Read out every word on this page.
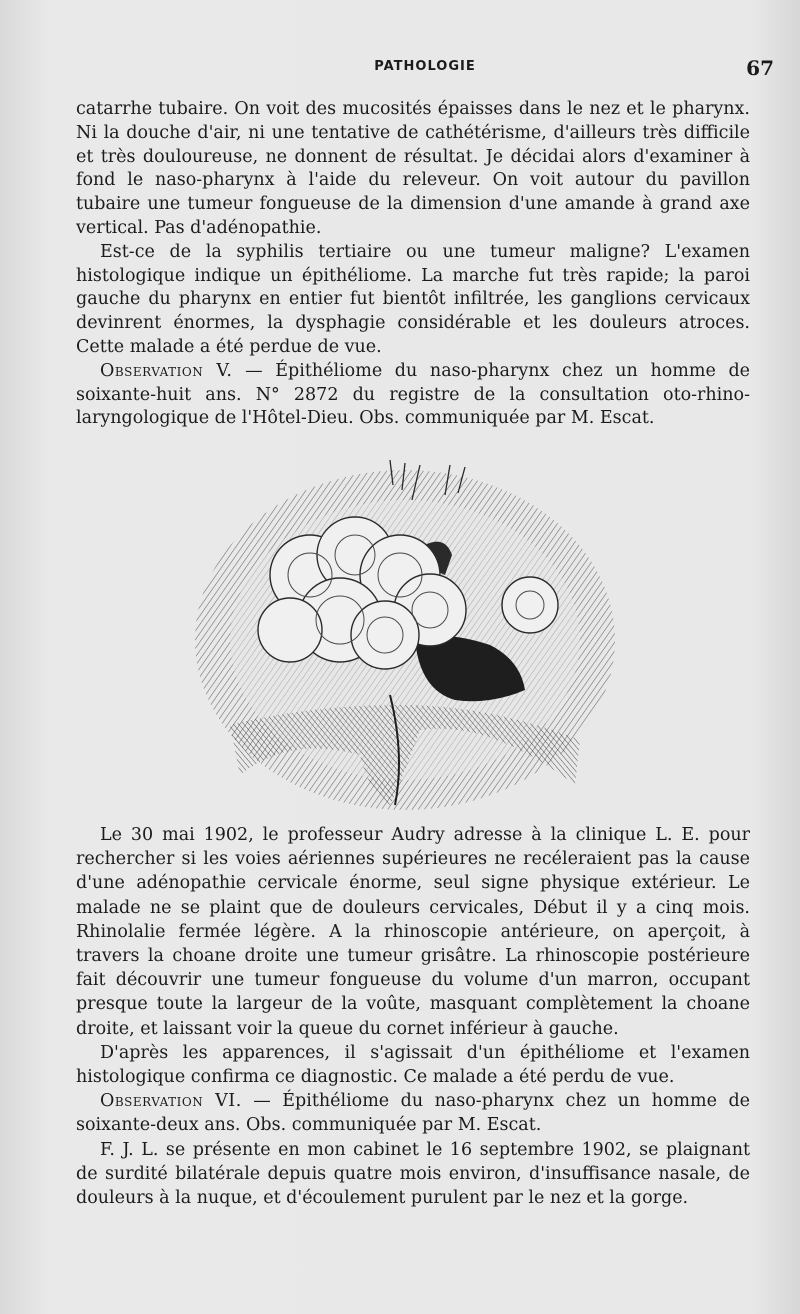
PATHOLOGIE	67

catarrhe tubaire. On voit des mucosités épaisses dans le nez et le pharynx. Ni la douche d'air, ni une tentative de cathétérisme, d'ailleurs très difficile et très douloureuse, ne donnent de résultat. Je décidai alors d'examiner à fond le naso-pharynx à l'aide du releveur. On voit autour du pavillon tubaire une tumeur fongueuse de la dimension d'une amande à grand axe vertical. Pas d'adénopathie.

Est-ce de la syphilis tertiaire ou une tumeur maligne? L'examen histologique indique un épithéliome. La marche fut très rapide; la paroi gauche du pharynx en entier fut bientôt infiltrée, les ganglions cervicaux devinrent énormes, la dysphagie considérable et les douleurs atroces. Cette malade a été perdue de vue.

Observation V. — Épithéliome du naso-pharynx chez un homme de soixante-huit ans. N° 2872 du registre de la consultation oto-rhino-laryngologique de l'Hôtel-Dieu. Obs. communiquée par M. Escat.

Le 30 mai 1902, le professeur Audry adresse à la clinique L. E. pour rechercher si les voies aériennes supérieures ne recéleraient pas la cause d'une adénopathie cervicale énorme, seul signe physique extérieur. Le malade ne se plaint que de douleurs cervicales, Début il y a cinq mois. Rhinolalie fermée légère. A la rhinoscopie antérieure, on aperçoit, à travers la choane droite une tumeur grisâtre. La rhinoscopie postérieure fait découvrir une tumeur fongueuse du volume d'un marron, occupant presque toute la largeur de la voûte, masquant complètement la choane droite, et laissant voir la queue du cornet inférieur à gauche.

D'après les apparences, il s'agissait d'un épithéliome et l'examen histologique confirma ce diagnostic. Ce malade a été perdu de vue.

Observation VI. — Épithéliome du naso-pharynx chez un homme de soixante-deux ans. Obs. communiquée par M. Escat.

F. J. L. se présente en mon cabinet le 16 septembre 1902, se plaignant de surdité bilatérale depuis quatre mois environ, d'insuffisance nasale, de douleurs à la nuque, et d'écoulement purulent par le nez et la gorge.
